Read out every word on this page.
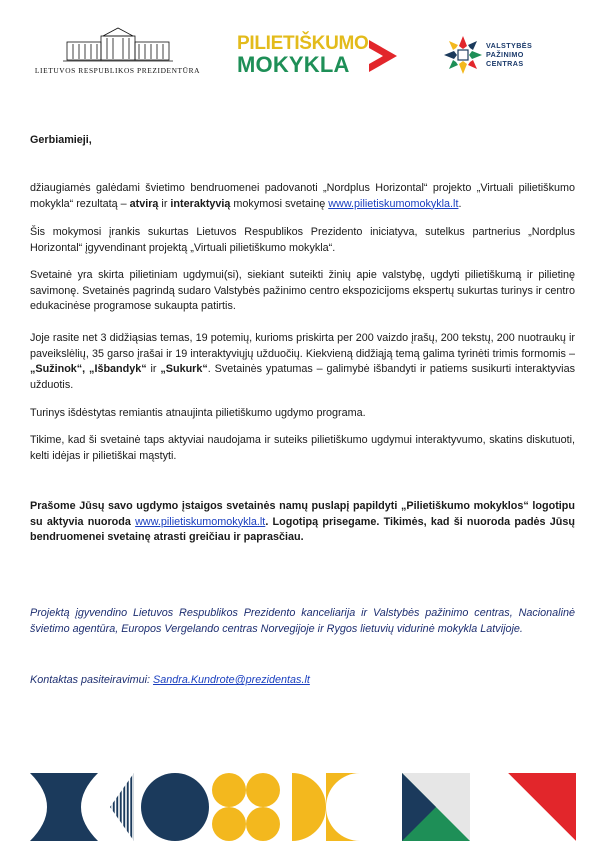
LIETUVOS RESPUBLIKOS PREZIDENTŪRA
PILIETIŠKUMO
MOKYKLA
VALSTYBĖS
PAŽINIMO
CENTRAS

Gerbiamieji,

džiaugiamės galėdami švietimo bendruomenei padovanoti „Nordplus Horizontal“ projekto „Virtuali pilietiškumo mokykla“ rezultatą – atvirą ir interaktyvią mokymosi svetainę www.pilietiskumomokykla.lt.

Šis mokymosi įrankis sukurtas Lietuvos Respublikos Prezidento iniciatyva, sutelkus partnerius „Nordplus Horizontal“ įgyvendinant projektą „Virtuali pilietiškumo mokykla“.

Svetainė yra skirta pilietiniam ugdymui(si), siekiant suteikti žinių apie valstybę, ugdyti pilietiškumą ir pilietinę savimonę. Svetainės pagrindą sudaro Valstybės pažinimo centro ekspozicijoms ekspertų sukurtas turinys ir centro edukacinėse programose sukaupta patirtis.

Joje rasite net 3 didžiąsias temas, 19 potemių, kurioms priskirta per 200 vaizdo įrašų, 200 tekstų, 200 nuotraukų ir paveikslėlių, 35 garso įrašai ir 19 interaktyviųjų užduočių. Kiekvieną didžiąją temą galima tyrinėti trimis formomis – „Sužinok“, „Išbandyk“ ir „Sukurk“. Svetainės ypatumas – galimybė išbandyti ir patiems susikurti interaktyvias užduotis.

Turinys išdėstytas remiantis atnaujinta pilietiškumo ugdymo programa.

Tikime, kad ši svetainė taps aktyviai naudojama ir suteiks pilietiškumo ugdymui interaktyvumo, skatins diskutuoti, kelti idėjas ir pilietiškai mąstyti.

Prašome Jūsų savo ugdymo įstaigos svetainės namų puslapį papildyti „Pilietiškumo mokyklos“ logotipu su aktyvia nuoroda www.pilietiskumomokykla.lt. Logotipą prisegame. Tikimės, kad ši nuoroda padės Jūsų bendruomenei svetainę atrasti greičiau ir paprasčiau.

Projektą įgyvendino Lietuvos Respublikos Prezidento kanceliarija ir Valstybės pažinimo centras, Nacionalinė švietimo agentūra, Europos Vergelando centras Norvegijoje ir Rygos lietuvių vidurinė mokykla Latvijoje.

Kontaktas pasiteiravimui: Sandra.Kundrote@prezidentas.lt
